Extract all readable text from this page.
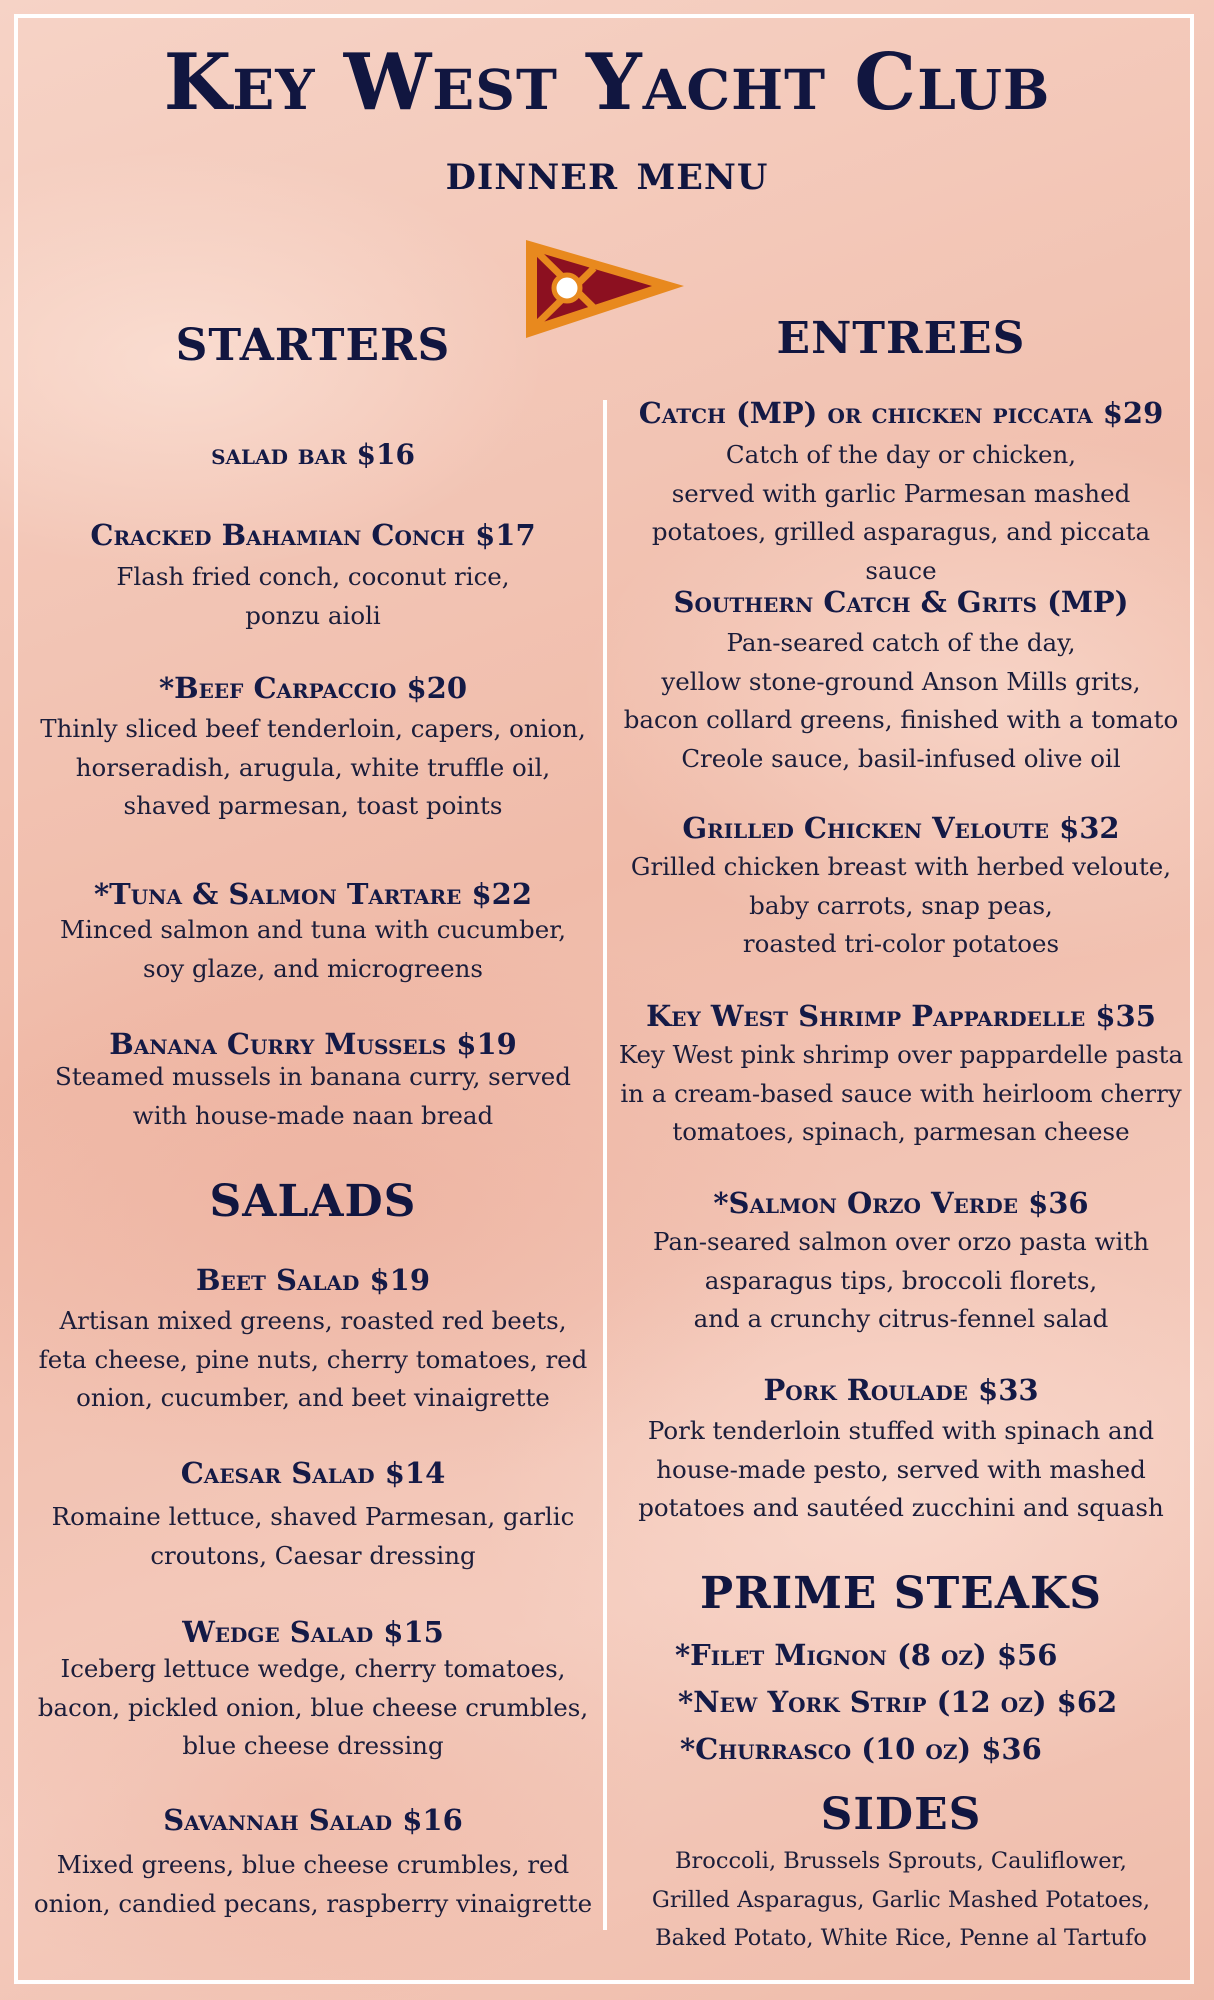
Key West Yacht Club
dinner menu
STARTERS
salad bar $16
Cracked Bahamian Conch $17
Flash fried conch, coconut rice,
ponzu aioli
*Beef Carpaccio $20
Thinly sliced beef tenderloin, capers, onion,
horseradish, arugula, white truffle oil,
shaved parmesan, toast points
*Tuna & Salmon Tartare $22
Minced salmon and tuna with cucumber,
soy glaze, and microgreens
Banana Curry Mussels $19
Steamed mussels in banana curry, served
with house-made naan bread
SALADS
Beet Salad $19
Artisan mixed greens, roasted red beets,
feta cheese, pine nuts, cherry tomatoes, red
onion, cucumber, and beet vinaigrette
Caesar Salad $14
Romaine lettuce, shaved Parmesan, garlic
croutons, Caesar dressing
Wedge Salad $15
Iceberg lettuce wedge, cherry tomatoes,
bacon, pickled onion, blue cheese crumbles,
blue cheese dressing
Savannah Salad $16
Mixed greens, blue cheese crumbles, red
onion, candied pecans, raspberry vinaigrette
ENTREES
Catch (MP) or chicken piccata $29
Catch of the day or chicken,
served with garlic Parmesan mashed
potatoes, grilled asparagus, and piccata sauce
Southern Catch & Grits (MP)
Pan-seared catch of the day,
yellow stone-ground Anson Mills grits,
bacon collard greens, finished with a tomato
Creole sauce, basil-infused olive oil
Grilled Chicken Veloute $32
Grilled chicken breast with herbed veloute,
baby carrots, snap peas,
roasted tri-color potatoes
Key West Shrimp Pappardelle $35
Key West pink shrimp over pappardelle pasta
in a cream-based sauce with heirloom cherry
tomatoes, spinach, parmesan cheese
*Salmon Orzo Verde $36
Pan-seared salmon over orzo pasta with
asparagus tips, broccoli florets,
and a crunchy citrus-fennel salad
Pork Roulade $33
Pork tenderloin stuffed with spinach and
house-made pesto, served with mashed
potatoes and sautéed zucchini and squash
PRIME STEAKS
*Filet Mignon (8 oz) $56
*New York Strip (12 oz) $62
*Churrasco (10 oz) $36
SIDES
Broccoli, Brussels Sprouts, Cauliflower,
Grilled Asparagus, Garlic Mashed Potatoes,
Baked Potato, White Rice, Penne al Tartufo
